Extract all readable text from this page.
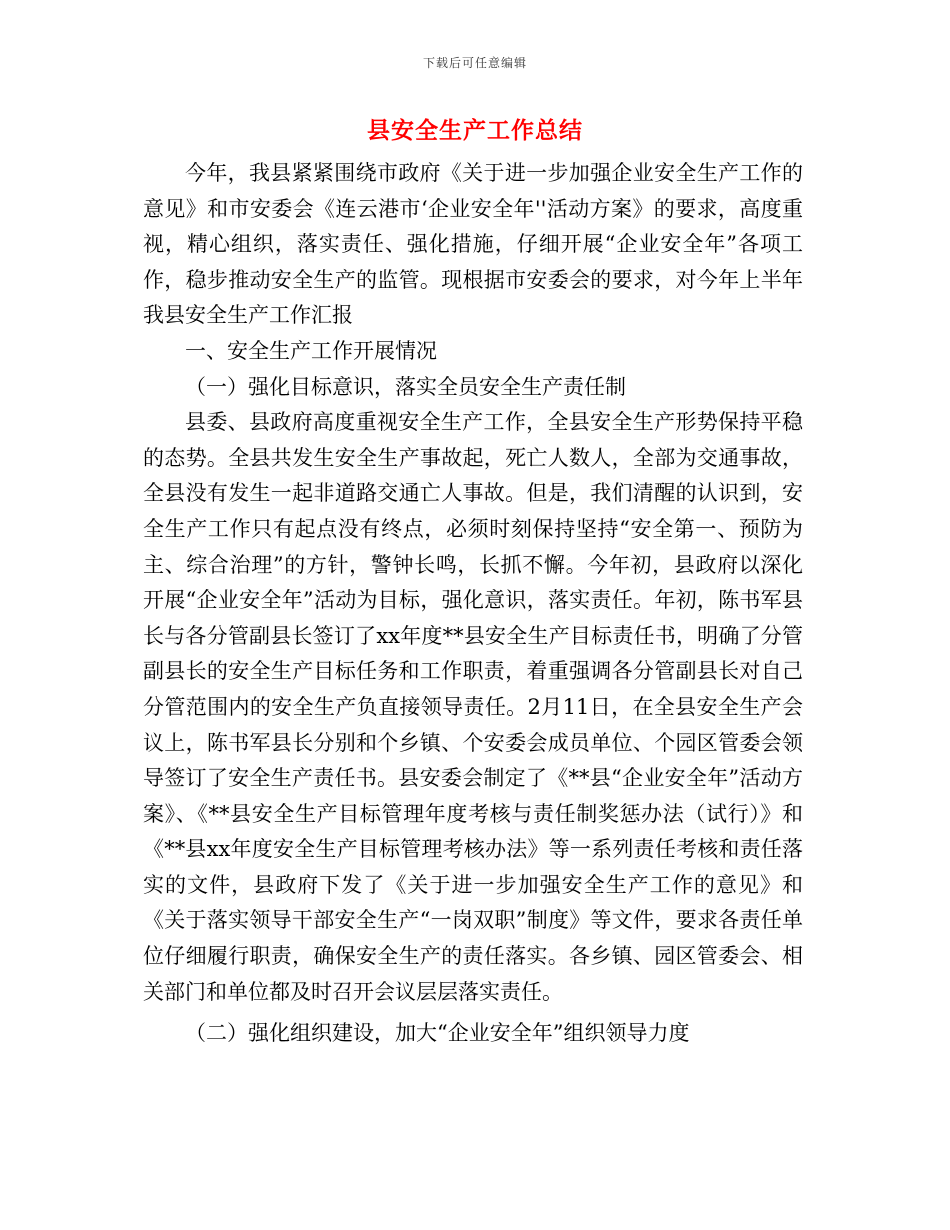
下载后可任意编辑
县安全生产工作总结

今年，我县紧紧围绕市政府《关于进一步加强企业安全生产工作的意见》和市安委会《连云港市‘企业安全年''活动方案》的要求，高度重视，精心组织，落实责任、强化措施，仔细开展“企业安全年”各项工作，稳步推动安全生产的监管。现根据市安委会的要求，对今年上半年我县安全生产工作汇报

一、安全生产工作开展情况

（一）强化目标意识，落实全员安全生产责任制

县委、县政府高度重视安全生产工作，全县安全生产形势保持平稳的态势。全县共发生安全生产事故起，死亡人数人，全部为交通事故，全县没有发生一起非道路交通亡人事故。但是，我们清醒的认识到，安全生产工作只有起点没有终点，必须时刻保持坚持“安全第一、预防为主、综合治理”的方针，警钟长鸣，长抓不懈。今年初，县政府以深化开展“企业安全年”活动为目标，强化意识，落实责任。年初，陈书军县长与各分管副县长签订了xx年度**县安全生产目标责任书，明确了分管副县长的安全生产目标任务和工作职责，着重强调各分管副县长对自己分管范围内的安全生产负直接领导责任。2月11日，在全县安全生产会议上，陈书军县长分别和个乡镇、个安委会成员单位、个园区管委会领导签订了安全生产责任书。县安委会制定了《**县“企业安全年”活动方案》、《**县安全生产目标管理年度考核与责任制奖惩办法（试行）》和《**县xx年度安全生产目标管理考核办法》等一系列责任考核和责任落实的文件，县政府下发了《关于进一步加强安全生产工作的意见》和《关于落实领导干部安全生产“一岗双职”制度》等文件，要求各责任单位仔细履行职责，确保安全生产的责任落实。各乡镇、园区管委会、相关部门和单位都及时召开会议层层落实责任。

（二）强化组织建设，加大“企业安全年”组织领导力度
